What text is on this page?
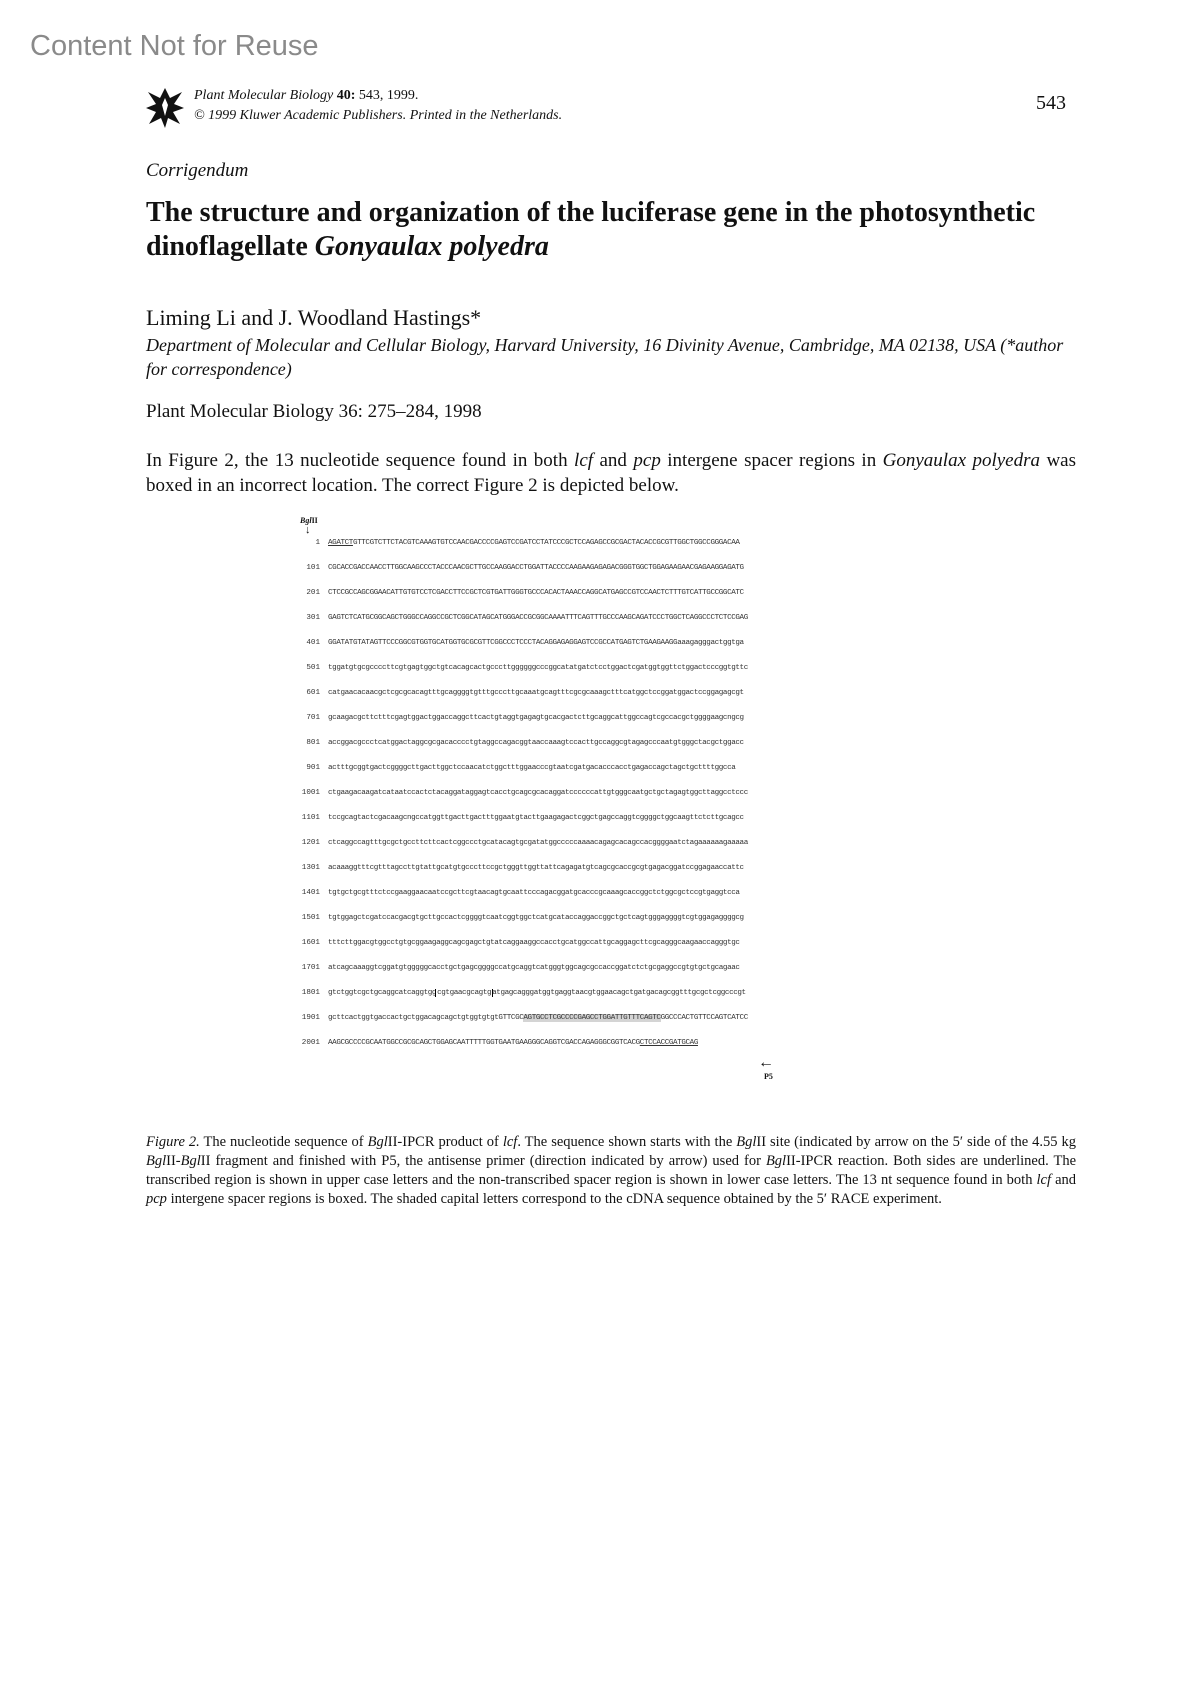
Content Not for Reuse
Plant Molecular Biology 40: 543, 1999.
© 1999 Kluwer Academic Publishers. Printed in the Netherlands.
543
Corrigendum
The structure and organization of the luciferase gene in the photosynthetic dinoflagellate Gonyaulax polyedra
Liming Li and J. Woodland Hastings*
Department of Molecular and Cellular Biology, Harvard University, 16 Divinity Avenue, Cambridge, MA 02138, USA (*author for correspondence)
Plant Molecular Biology 36: 275–284, 1998
In Figure 2, the 13 nucleotide sequence found in both lcf and pcp intergene spacer regions in Gonyaulax polyedra was boxed in an incorrect location. The correct Figure 2 is depicted below.
BglII
↓
1 AGATCTGTTCGTCTTCTACGTCAAAGTGTCCAACGACCCCGAGTCCGATCCTATCCCGCTCCAGAGCCGCGACTACACCGCGTTGGCTGGCCGGGACAA
101 CGCACCGACCAACCTTGGCAAGCCCTACCCAACGCTTGCCAAGGACCTGGATTACCCCAAGAAGAGAGACGGGTGGCTGGAGAAGAACGAGAAGGAGATG
201 CTCCGCCAGCGGAACATTGTGTCCTCGACCTTCCGCTCGTGATTGGGTGCCCACACTAAACCAGGCATGAGCCGTCCAACTCTTTGTCATTGCCGGCATC
301 GAGTCTCATGCGGCAGCTGGGCCAGGCCGCTCGGCATAGCATGGGACCGCGGCAAAATTTCAGTTTGCCCAAGCAGATCCCTGGCTCAGGCCCTCTCCGAG
401 GGATATGTATAGTTCCCGGCGTGGTGCATGGTGCGCGTTCGGCCCTCCCTACAGGAGAGGAGTCCGCCATGAGTCTGAAGAAGGaaagagggactggtga
501 tggatgtgcgccccttcgtgagtggctgtcacagcactgcccttggggggcccggcatatgatctcctggactcgatggtggttctggactcccggtgttc
601 catgaacacaacgctcgcgcacagtttgcaggggtgtttgcccttgcaaatgcagtttcgcgcaaagctttcatggctccggatggactccggagagcgt
701 gcaagacgcttctttcgagtggactggaccaggcttcactgtaggtgagagtgcacgactcttgcaggcattggccagtcgccacgctggggaagcngcg
801 accggacgccctcatggactaggcgcgacacccctgtaggccagacggtaaccaaagtccacttgccaggcgtagagcccaatgtgggctacgctggacc
901 actttgcggtgactcggggcttgacttggctccaacatctggctttggaacccgtaatcgatgacacccacctgagaccagctagctgcttttggcca
1001 ctgaagacaagatcataatccactctacaggataggagtcacctgcagcgcacaggatccccccattgtgggcaatgctgctagagtggcttaggcctccc
1101 tccgcagtactcgacaagcngccatggttgacttgactttggaatgtacttgaagagactcggctgagccaggtcggggctggcaagttctcttgcagcc
1201 ctcaggccagtttgcgctgccttcttcactcggccctgcatacagtgcgatatggcccccaaaacagagcacagccacggggaatctagaaaaaagaaaaa
1301 acaaaggtttcgtttagccttgtattgcatgtgcccttccgctgggttggttattcagagatgtcagcgcaccgcgtgagacggatccggagaaccattc
1401 tgtgctgcgtttctccgaaggaacaatccgcttcgtaacagtgcaattcccagacggatgcacccgcaaagcaccggctctggcgctccgtgaggtcca
1501 tgtggagctcgatccacgacgtgcttgccactcggggtcaatcggtggctcatgcataccaggaccggctgctcagtgggaggggtcgtggagaggggcg
1601 tttcttggacgtggcctgtgcggaagaggcagcgagctgtatcaggaaggccacctgcatggccattgcaggagcttcgcagggcaagaaccagggtgc
1701 atcagcaaaggtcggatgtgggggcacctgctgagcggggccatgcaggtcatgggtggcagcgccaccggatctctgcgaggccgtgtgctgcagaac
1801 gtctggtcgctgcaggcatcaggtggcgtgaacgcagtgatgagcagggatggtgaggtaacgtggaacagctgatgacagcggtttgcgctcggcccgt
1901 gcttcactggtgaccactgctggacagcagctgtggtgtgtGTTCGCAGTGCCTCGCCCCGAGCCTGGATTGTTTCAGTCGGCCCACTGTTCCAGTCATCC
2001 AAGCGCCCCGCAATGGCCGCGCAGCTGGAGCAATTTTTGGTGAATGAAGGGCAGGTCGACCAGAGGGCGGTCACGCTCCACCGATGCAG
←
P5
Figure 2. The nucleotide sequence of BglII-IPCR product of lcf. The sequence shown starts with the BglII site (indicated by arrow on the 5′ side of the 4.55 kg BglII-BglII fragment and finished with P5, the antisense primer (direction indicated by arrow) used for BglII-IPCR reaction. Both sides are underlined. The transcribed region is shown in upper case letters and the non-transcribed spacer region is shown in lower case letters. The 13 nt sequence found in both lcf and pcp intergene spacer regions is boxed. The shaded capital letters correspond to the cDNA sequence obtained by the 5′ RACE experiment.
